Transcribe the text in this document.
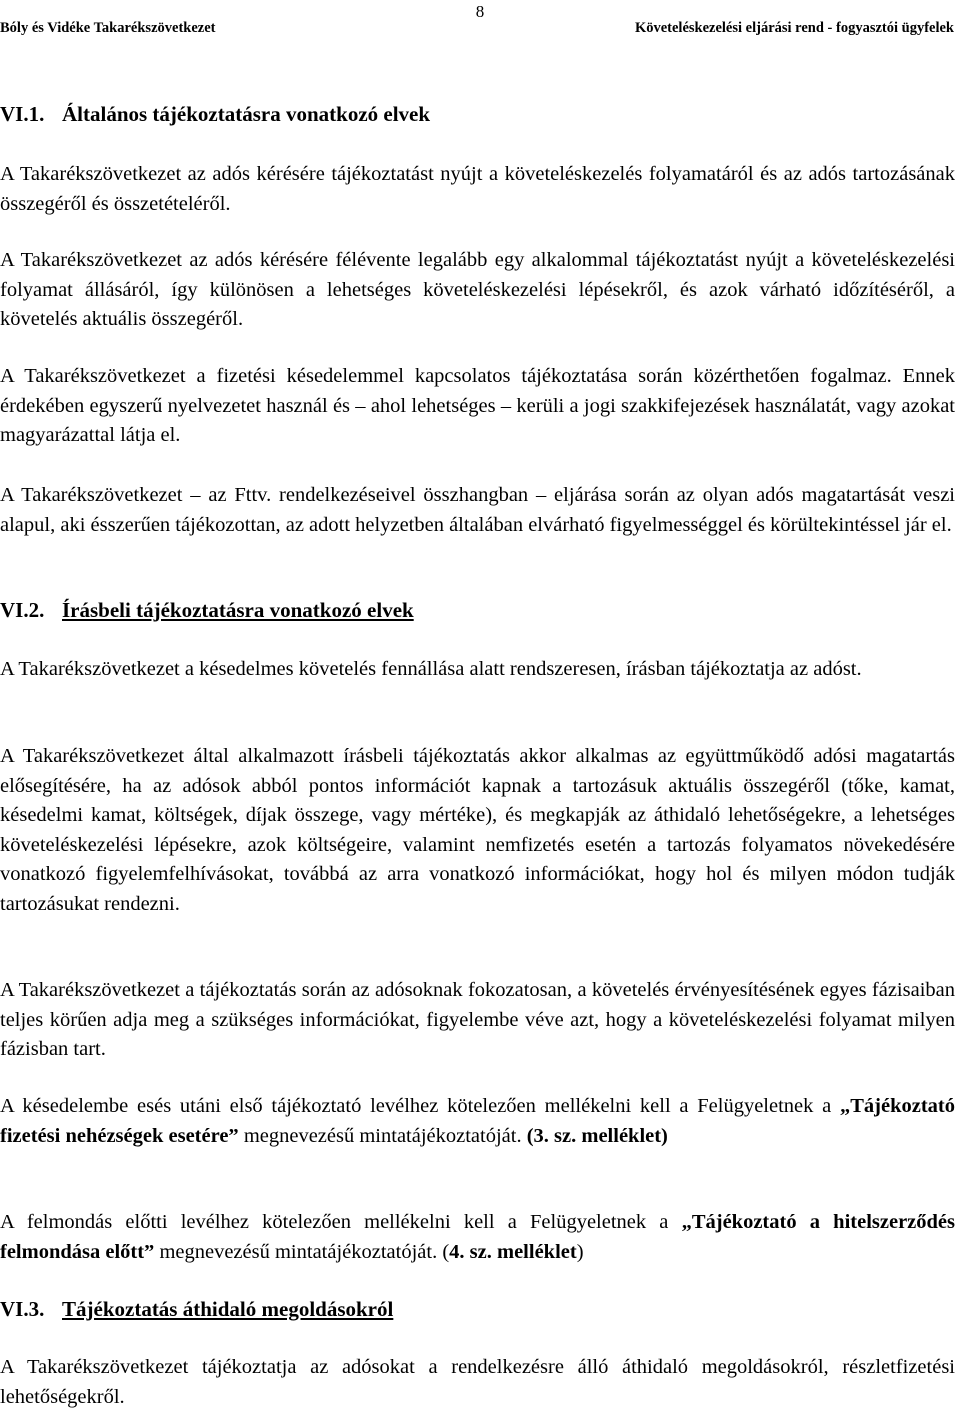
8
Bóly és Vidéke Takarékszövetkezet	Követeléskezelési eljárási rend - fogyasztói ügyfelek
VI.1. Általános tájékoztatásra vonatkozó elvek
A Takarékszövetkezet az adós kérésére tájékoztatást nyújt a követeléskezelés folyamatáról és az adós tartozásának összegéről és összetételéről.
A Takarékszövetkezet az adós kérésére félévente legalább egy alkalommal tájékoztatást nyújt a követeléskezelési folyamat állásáról, így különösen a lehetséges követeléskezelési lépésekről, és azok várható időzítéséről, a követelés aktuális összegéről.
A Takarékszövetkezet a fizetési késedelemmel kapcsolatos tájékoztatása során közérthetően fogalmaz. Ennek érdekében egyszerű nyelvezetet használ és – ahol lehetséges – kerüli a jogi szakkifejezések használatát, vagy azokat magyarázattal látja el.
A Takarékszövetkezet – az Fttv. rendelkezéseivel összhangban – eljárása során az olyan adós magatartását veszi alapul, aki ésszerűen tájékozottan, az adott helyzetben általában elvárható figyelmességgel és körültekintéssel jár el.
VI.2. Írásbeli tájékoztatásra vonatkozó elvek
A Takarékszövetkezet a késedelmes követelés fennállása alatt rendszeresen, írásban tájékoztatja az adóst.
A Takarékszövetkezet által alkalmazott írásbeli tájékoztatás akkor alkalmas az együttműködő adósi magatartás elősegítésére, ha az adósok abból pontos információt kapnak a tartozásuk aktuális összegéről (tőke, kamat, késedelmi kamat, költségek, díjak összege, vagy mértéke), és megkapják az áthidaló lehetőségekre, a lehetséges követeléskezelési lépésekre, azok költségeire, valamint nemfizetés esetén a tartozás folyamatos növekedésére vonatkozó figyelemfelhívásokat, továbbá az arra vonatkozó információkat, hogy hol és milyen módon tudják tartozásukat rendezni.
A Takarékszövetkezet a tájékoztatás során az adósoknak fokozatosan, a követelés érvényesítésének egyes fázisaiban teljes körűen adja meg a szükséges információkat, figyelembe véve azt, hogy a követeléskezelési folyamat milyen fázisban tart.
A késedelembe esés utáni első tájékoztató levélhez kötelezően mellékelni kell a Felügyeletnek a „Tájékoztató fizetési nehézségek esetére” megnevezésű mintatájékoztatóját. (3. sz. melléklet)
A felmondás előtti levélhez kötelezően mellékelni kell a Felügyeletnek a „Tájékoztató a hitelszerződés felmondása előtt” megnevezésű mintatájékoztatóját. (4. sz. melléklet)
VI.3. Tájékoztatás áthidaló megoldásokról
A Takarékszövetkezet tájékoztatja az adósokat a rendelkezésre álló áthidaló megoldásokról, részletfizetési lehetőségekről.
